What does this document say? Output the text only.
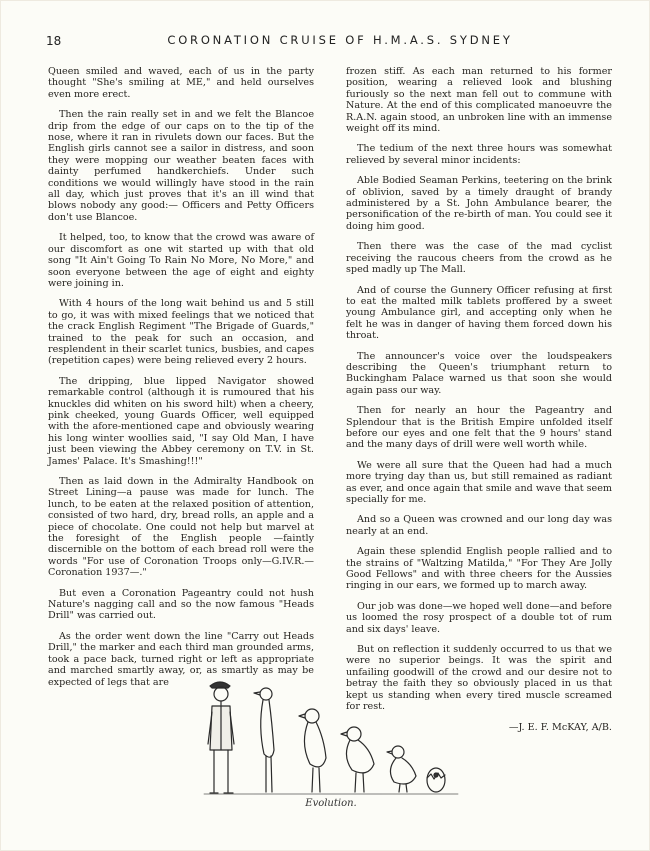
18	CORONATION CRUISE OF H.M.A.S. SYDNEY

Queen smiled and waved, each of us in the party thought "She's smiling at ME," and held ourselves even more erect.

Then the rain really set in and we felt the Blancoe drip from the edge of our caps on to the tip of the nose, where it ran in rivulets down our faces. But the English girls cannot see a sailor in distress, and soon they were mopping our weather beaten faces with dainty perfumed handkerchiefs. Under such conditions we would willingly have stood in the rain all day, which just proves that it's an ill wind that blows nobody any good:— Officers and Petty Officers don't use Blancoe.

It helped, too, to know that the crowd was aware of our discomfort as one wit started up with that old song "It Ain't Going To Rain No More, No More," and soon everyone between the age of eight and eighty were joining in.

With 4 hours of the long wait behind us and 5 still to go, it was with mixed feelings that we noticed that the crack English Regiment "The Brigade of Guards," trained to the peak for such an occasion, and resplendent in their scarlet tunics, busbies, and capes (repetition capes) were being relieved every 2 hours.

The dripping, blue lipped Navigator showed remarkable control (although it is rumoured that his knuckles did whiten on his sword hilt) when a cheery, pink cheeked, young Guards Officer, well equipped with the afore-mentioned cape and obviously wearing his long winter woollies said, "I say Old Man, I have just been viewing the Abbey ceremony on T.V. in St. James' Palace. It's Smashing!!!"

Then as laid down in the Admiralty Handbook on Street Lining—a pause was made for lunch. The lunch, to be eaten at the relaxed position of attention, consisted of two hard, dry, bread rolls, an apple and a piece of chocolate. One could not help but marvel at the foresight of the English people —faintly discernible on the bottom of each bread roll were the words "For use of Coronation Troops only—G.IV.R.—Coronation 1937—."

But even a Coronation Pageantry could not hush Nature's nagging call and so the now famous "Heads Drill" was carried out.

As the order went down the line "Carry out Heads Drill," the marker and each third man grounded arms, took a pace back, turned right or left as appropriate and marched smartly away, or, as smartly as may be expected of legs that are

frozen stiff. As each man returned to his former position, wearing a relieved look and blushing furiously so the next man fell out to commune with Nature. At the end of this complicated manoeuvre the R.A.N. again stood, an unbroken line with an immense weight off its mind.

The tedium of the next three hours was somewhat relieved by several minor incidents:

Able Bodied Seaman Perkins, teetering on the brink of oblivion, saved by a timely draught of brandy administered by a St. John Ambulance bearer, the personification of the re-birth of man. You could see it doing him good.

Then there was the case of the mad cyclist receiving the raucous cheers from the crowd as he sped madly up The Mall.

And of course the Gunnery Officer refusing at first to eat the malted milk tablets proffered by a sweet young Ambulance girl, and accepting only when he felt he was in danger of having them forced down his throat.

The announcer's voice over the loudspeakers describing the Queen's triumphant return to Buckingham Palace warned us that soon she would again pass our way.

Then for nearly an hour the Pageantry and Splendour that is the British Empire unfolded itself before our eyes and one felt that the 9 hours' stand and the many days of drill were well worth while.

We were all sure that the Queen had had a much more trying day than us, but still remained as radiant as ever, and once again that smile and wave that seem specially for me.

And so a Queen was crowned and our long day was nearly at an end.

Again these splendid English people rallied and to the strains of "Waltzing Matilda," "For They Are Jolly Good Fellows" and with three cheers for the Aussies ringing in our ears, we formed up to march away.

Our job was done—we hoped well done—and before us loomed the rosy prospect of a double tot of rum and six days' leave.

But on reflection it suddenly occurred to us that we were no superior beings. It was the spirit and unfailing goodwill of the crowd and our desire not to betray the faith they so obviously placed in us that kept us standing when every tired muscle screamed for rest.

—J. E. F. McKAY, A/B.

Evolution.
